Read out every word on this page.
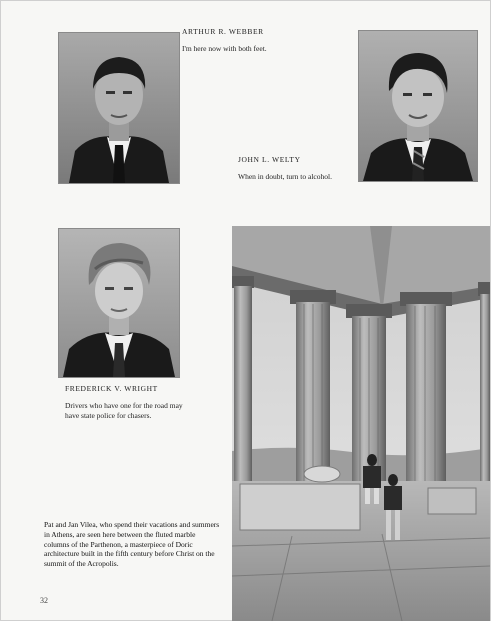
ARTHUR R. WEBBER
I'm here now with both feet.
JOHN L. WELTY
When in doubt, turn to alcohol.
FREDERICK V. WRIGHT
Drivers who have one for the road may have state police for chasers.
Pat and Jan Vilea, who spend their vacations and summers in Athens, are seen here between the fluted marble columns of the Parthenon, a masterpiece of Doric architecture built in the fifth century before Christ on the summit of the Acropolis.
32
